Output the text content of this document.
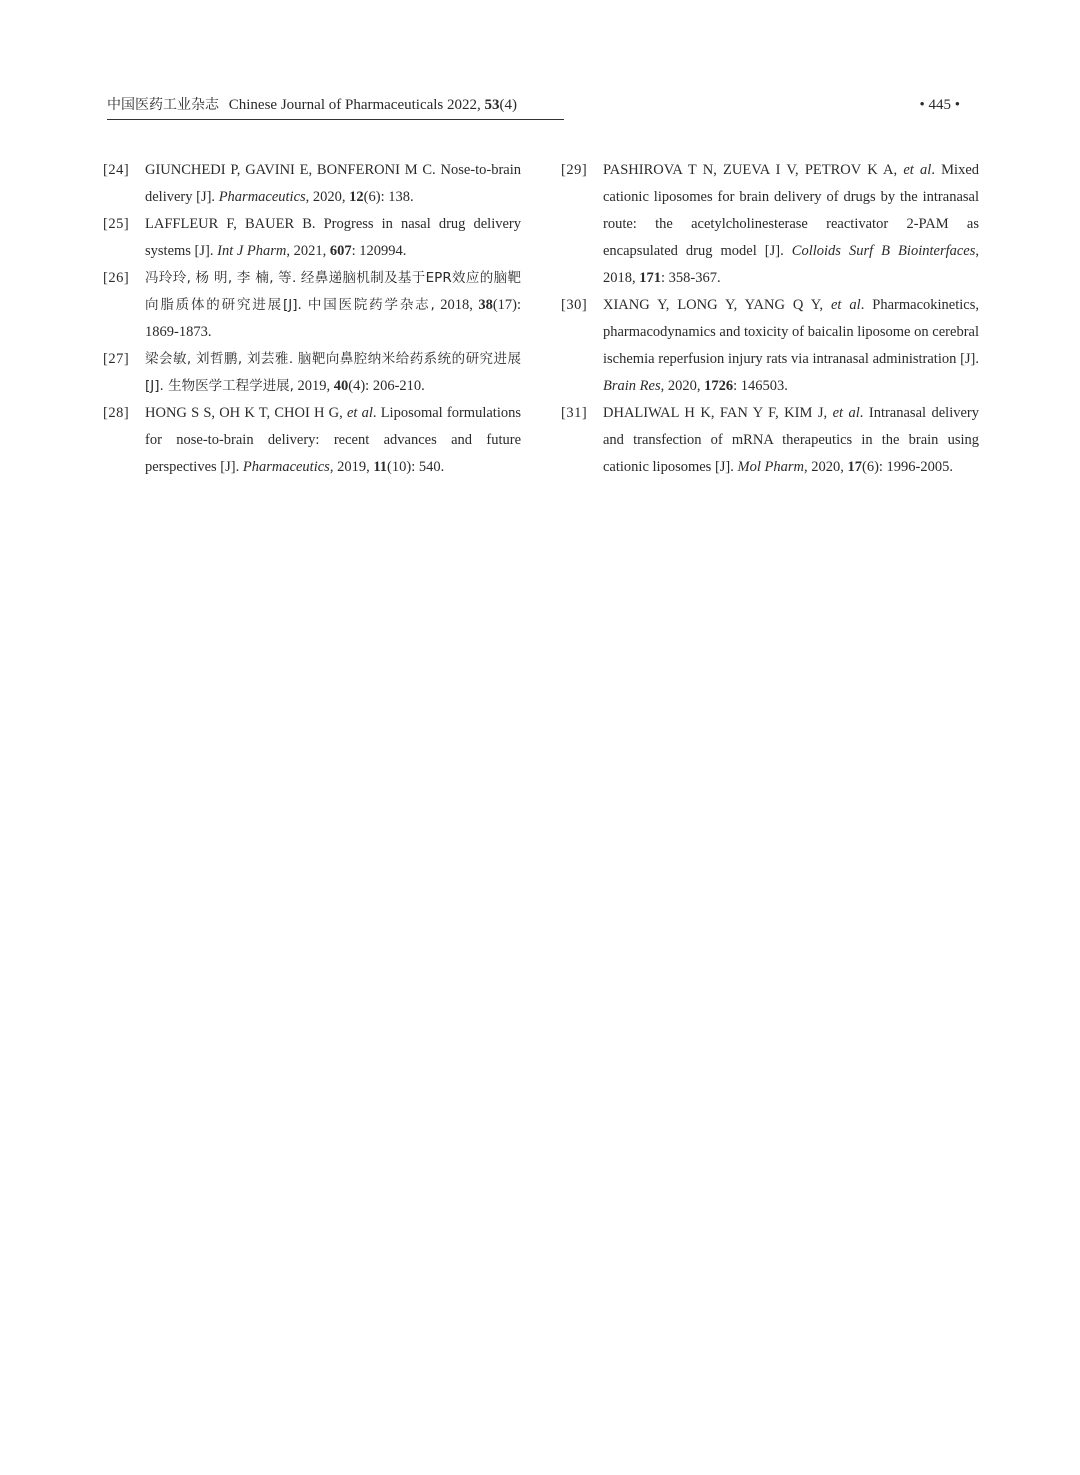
中国医药工业杂志 Chinese Journal of Pharmaceuticals 2022, 53(4)	• 445 •
[24]	GIUNCHEDI P, GAVINI E, BONFERONI M C. Nose-to-brain delivery [J]. Pharmaceutics, 2020, 12(6): 138.
[25]	LAFFLEUR F, BAUER B. Progress in nasal drug delivery systems [J]. Int J Pharm, 2021, 607: 120994.
[26]	冯玲玲, 杨 明, 李 楠, 等. 经鼻递脑机制及基于EPR效应的脑靶向脂质体的研究进展[J]. 中国医院药学杂志, 2018, 38(17): 1869-1873.
[27]	梁会敏, 刘哲鹏, 刘芸雅. 脑靶向鼻腔纳米给药系统的研究进展[J]. 生物医学工程学进展, 2019, 40(4): 206-210.
[28]	HONG S S, OH K T, CHOI H G, et al. Liposomal formulations for nose-to-brain delivery: recent advances and future perspectives [J]. Pharmaceutics, 2019, 11(10): 540.
[29]	PASHIROVA T N, ZUEVA I V, PETROV K A, et al. Mixed cationic liposomes for brain delivery of drugs by the intranasal route: the acetylcholinesterase reactivator 2-PAM as encapsulated drug model [J]. Colloids Surf B Biointerfaces, 2018, 171: 358-367.
[30]	XIANG Y, LONG Y, YANG Q Y, et al. Pharmacokinetics, pharmacodynamics and toxicity of baicalin liposome on cerebral ischemia reperfusion injury rats via intranasal administration [J]. Brain Res, 2020, 1726: 146503.
[31]	DHALIWAL H K, FAN Y F, KIM J, et al. Intranasal delivery and transfection of mRNA therapeutics in the brain using cationic liposomes [J]. Mol Pharm, 2020, 17(6): 1996-2005.
